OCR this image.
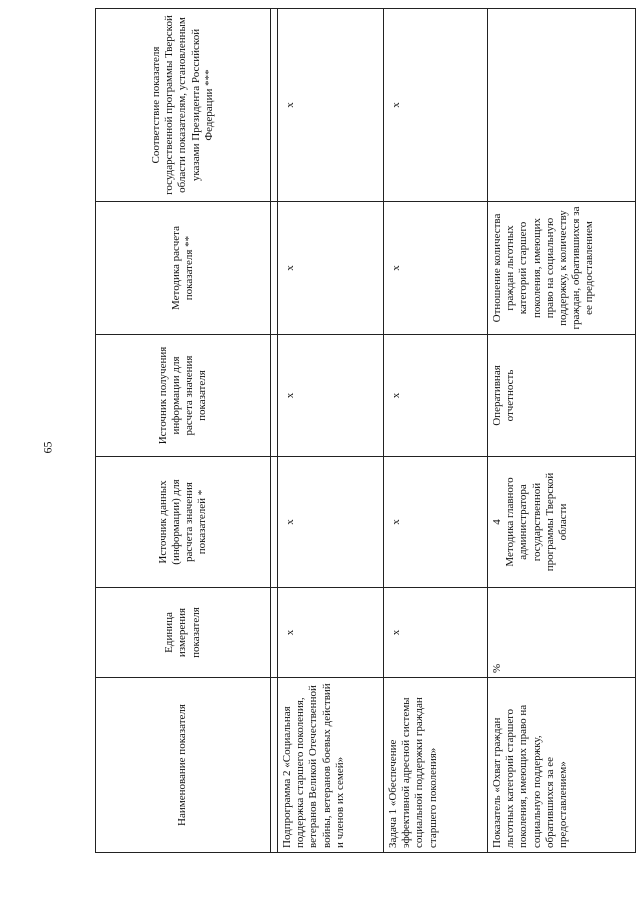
65
Наименование показателя	Единица измерения показателя	Источник данных (информации) для расчета значения показателей *	Источник получения информации для расчета значения показателя	Методика расчета показателя **	Соответствие показателя государственной программы Тверской области показателям, установленным указами Президента Российской Федерации ***

Подпрограмма 2 «Социальная поддержка старшего поколения, ветеранов Великой Отечественной войны, ветеранов боевых действий и членов их семей»	х	х	х	х	х
Задача 1 «Обеспечение эффективной адресной системы социальной поддержки граждан старшего поколения»	х	х	х	х	х
Показатель «Охват граждан льготных категорий старшего поколения, имеющих право на социальную поддержку, обратившихся за ее предоставлением»	%	4 Методика главного администратора государственной программы Тверской области	Оперативная отчетность	Отношение количества граждан льготных категорий старшего поколения, имеющих право на социальную поддержку, к количеству граждан, обратившихся за ее предоставлением	
